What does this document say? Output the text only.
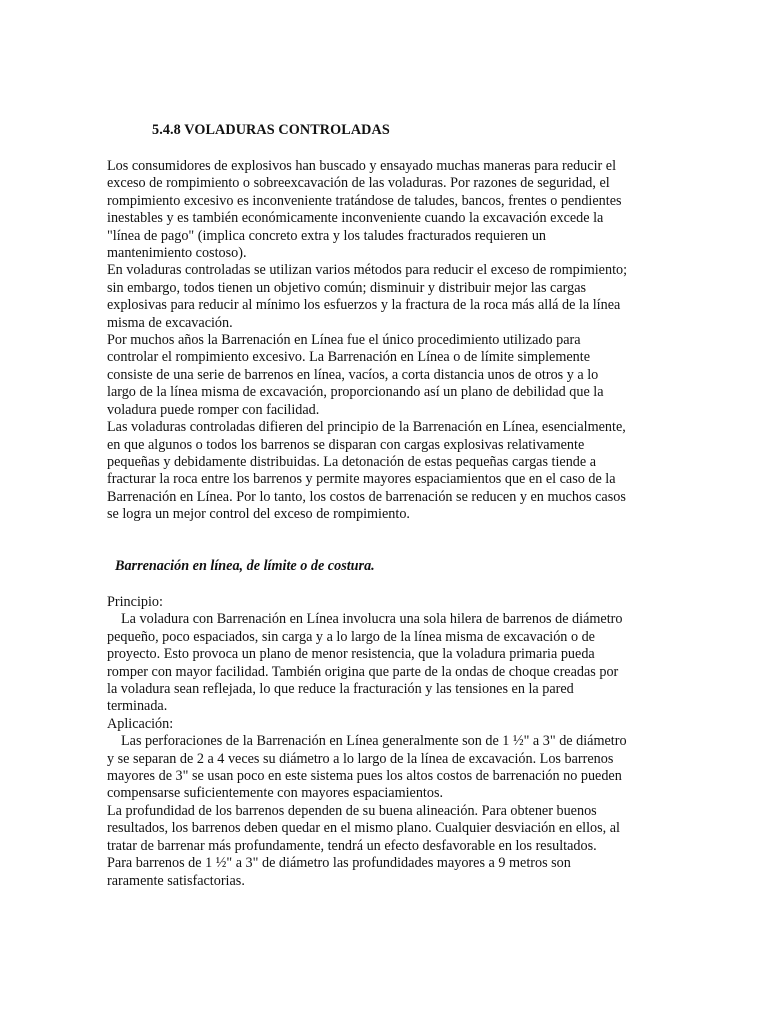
5.4.8 VOLADURAS CONTROLADAS

Los consumidores de explosivos han buscado y ensayado muchas maneras para reducir el
exceso de rompimiento o sobreexcavación de las voladuras. Por razones de seguridad, el
rompimiento excesivo es inconveniente tratándose de taludes, bancos, frentes o pendientes
inestables y es también económicamente inconveniente cuando la excavación excede la
"línea de pago" (implica concreto extra y los taludes fracturados requieren un
mantenimiento costoso).

En voladuras controladas se utilizan varios métodos para reducir el exceso de rompimiento;
sin embargo, todos tienen un objetivo común; disminuir y distribuir mejor las cargas
explosivas para reducir al mínimo los esfuerzos y la fractura de la roca más allá de la línea
misma de excavación.

Por muchos años la Barrenación en Línea fue el único procedimiento utilizado para
controlar el rompimiento excesivo. La Barrenación en Línea o de límite simplemente
consiste de una serie de barrenos en línea, vacíos, a corta distancia unos de otros y a lo
largo de la línea misma de excavación, proporcionando así un plano de debilidad que la
voladura puede romper con facilidad.

Las voladuras controladas difieren del principio de la Barrenación en Línea, esencialmente,
en que algunos o todos los barrenos se disparan con cargas explosivas relativamente
pequeñas y debidamente distribuidas. La detonación de estas pequeñas cargas tiende a
fracturar la roca entre los barrenos y permite mayores espaciamientos que en el caso de la
Barrenación en Línea. Por lo tanto, los costos de barrenación se reducen y en muchos casos
se logra un mejor control del exceso de rompimiento.

Barrenación en línea, de límite o de costura.

Principio:

La voladura con Barrenación en Línea involucra una sola hilera de barrenos de diámetro
pequeño, poco espaciados, sin carga y a lo largo de la línea misma de excavación o de
proyecto. Esto provoca un plano de menor resistencia, que la voladura primaria pueda
romper con mayor facilidad. También origina que parte de la ondas de choque creadas por
la voladura sean reflejada, lo que reduce la fracturación y las tensiones en la pared
terminada.

Aplicación:

Las perforaciones de la Barrenación en Línea generalmente son de 1 ½" a 3" de diámetro
y se separan de 2 a 4 veces su diámetro a lo largo de la línea de excavación. Los barrenos
mayores de 3" se usan poco en este sistema pues los altos costos de barrenación no pueden
compensarse suficientemente con mayores espaciamientos.

La profundidad de los barrenos dependen de su buena alineación. Para obtener buenos
resultados, los barrenos deben quedar en el mismo plano. Cualquier desviación en ellos, al
tratar de barrenar más profundamente, tendrá un efecto desfavorable en los resultados.

Para barrenos de 1 ½" a 3" de diámetro las profundidades mayores a 9 metros son
raramente satisfactorias.
